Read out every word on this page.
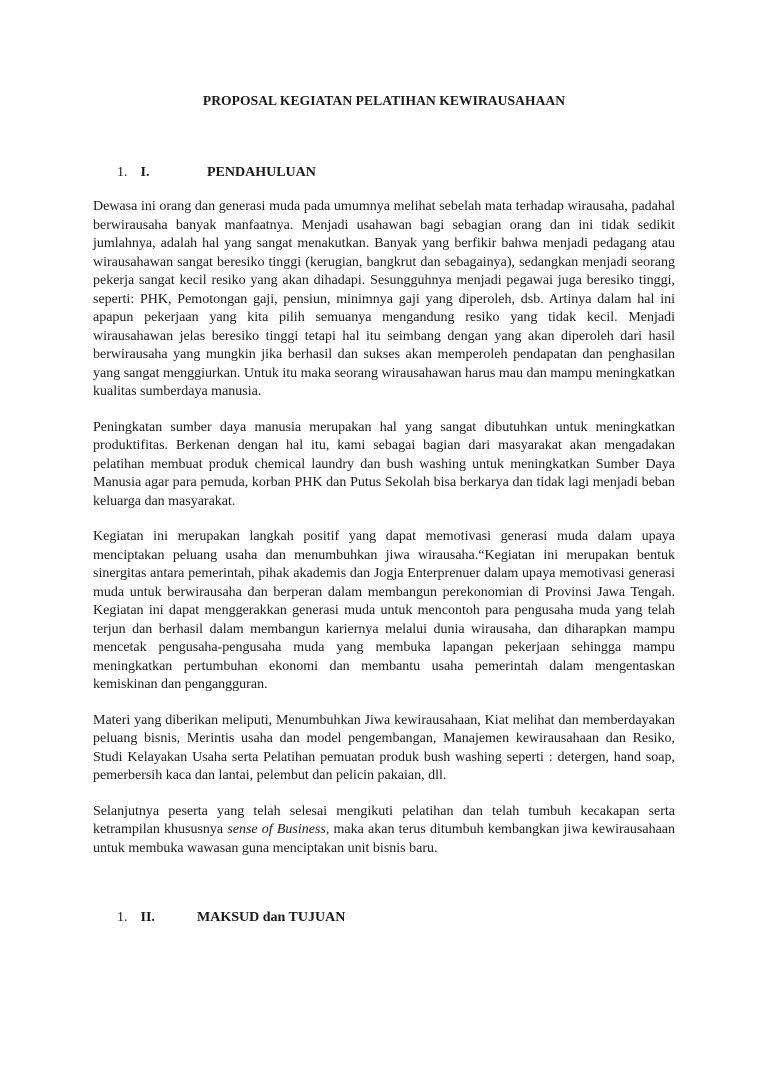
PROPOSAL KEGIATAN PELATIHAN KEWIRAUSAHAAN
1. I.	PENDAHULUAN

Dewasa ini orang dan generasi muda pada umumnya melihat sebelah mata terhadap wirausaha, padahal berwirausaha banyak manfaatnya. Menjadi usahawan bagi sebagian orang dan ini tidak sedikit jumlahnya, adalah hal yang sangat menakutkan. Banyak yang berfikir bahwa menjadi pedagang atau wirausahawan sangat beresiko tinggi (kerugian, bangkrut dan sebagainya), sedangkan menjadi seorang pekerja sangat kecil resiko yang akan dihadapi. Sesungguhnya menjadi pegawai juga beresiko tinggi, seperti: PHK, Pemotongan gaji, pensiun, minimnya gaji yang diperoleh, dsb. Artinya dalam hal ini apapun pekerjaan yang kita pilih semuanya mengandung resiko yang tidak kecil. Menjadi wirausahawan jelas beresiko tinggi tetapi hal itu seimbang dengan yang akan diperoleh dari hasil berwirausaha yang mungkin jika berhasil dan sukses akan memperoleh pendapatan dan penghasilan yang sangat menggiurkan. Untuk itu maka seorang wirausahawan harus mau dan mampu meningkatkan kualitas sumberdaya manusia.

Peningkatan sumber daya manusia merupakan hal yang sangat dibutuhkan untuk meningkatkan produktifitas. Berkenan dengan hal itu, kami sebagai bagian dari masyarakat akan mengadakan pelatihan membuat produk chemical laundry dan bush washing untuk meningkatkan Sumber Daya Manusia agar para pemuda, korban PHK dan Putus Sekolah bisa berkarya dan tidak lagi menjadi beban keluarga dan masyarakat.

Kegiatan ini merupakan langkah positif yang dapat memotivasi generasi muda dalam upaya menciptakan peluang usaha dan menumbuhkan jiwa wirausaha.“Kegiatan ini merupakan bentuk sinergitas antara pemerintah, pihak akademis dan Jogja Enterprenuer dalam upaya memotivasi generasi muda untuk berwirausaha dan berperan dalam membangun perekonomian di Provinsi Jawa Tengah. Kegiatan ini dapat menggerakkan generasi muda untuk mencontoh para pengusaha muda yang telah terjun dan berhasil dalam membangun kariernya melalui dunia wirausaha, dan diharapkan mampu mencetak pengusaha-pengusaha muda yang membuka lapangan pekerjaan sehingga mampu meningkatkan pertumbuhan ekonomi dan membantu usaha pemerintah dalam mengentaskan kemiskinan dan pengangguran.

Materi yang diberikan meliputi, Menumbuhkan Jiwa kewirausahaan, Kiat melihat dan memberdayakan peluang bisnis, Merintis usaha dan model pengembangan, Manajemen kewirausahaan dan Resiko, Studi Kelayakan Usaha serta Pelatihan pemuatan produk bush washing seperti : detergen, hand soap, pemerbersih kaca dan lantai, pelembut dan pelicin pakaian, dll.

Selanjutnya peserta yang telah selesai mengikuti pelatihan dan telah tumbuh kecakapan serta ketrampilan khususnya sense of Business, maka akan terus ditumbuh kembangkan jiwa kewirausahaan untuk membuka wawasan guna menciptakan unit bisnis baru.

1. II.	MAKSUD dan TUJUAN
